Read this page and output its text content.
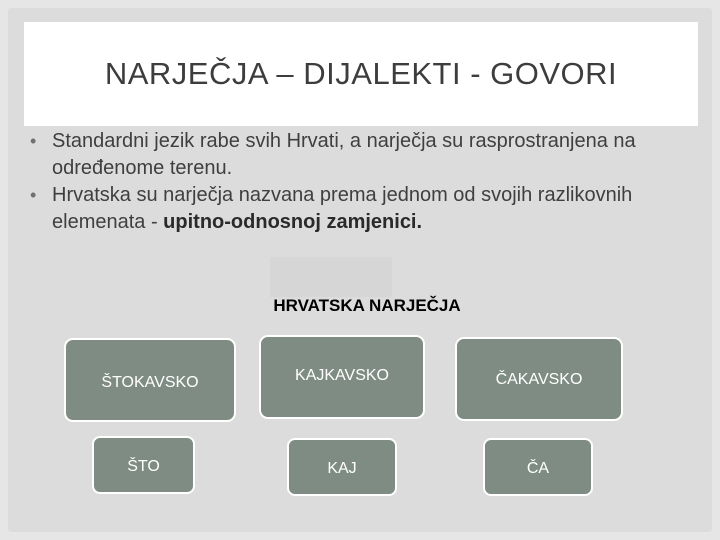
NARJEČJA – DIJALEKTI - GOVORI
• Standardni jezik rabe svih Hrvati, a narječja su rasprostranjena na određenome terenu.
• Hrvatska su narječja nazvana prema jednom od svojih razlikovnih elemenata - upitno-odnosnoj zamjenici.
HRVATSKA NARJEČJA
ŠTOKAVSKO	KAJKAVSKO	ČAKAVSKO
ŠTO	KAJ	ČA
